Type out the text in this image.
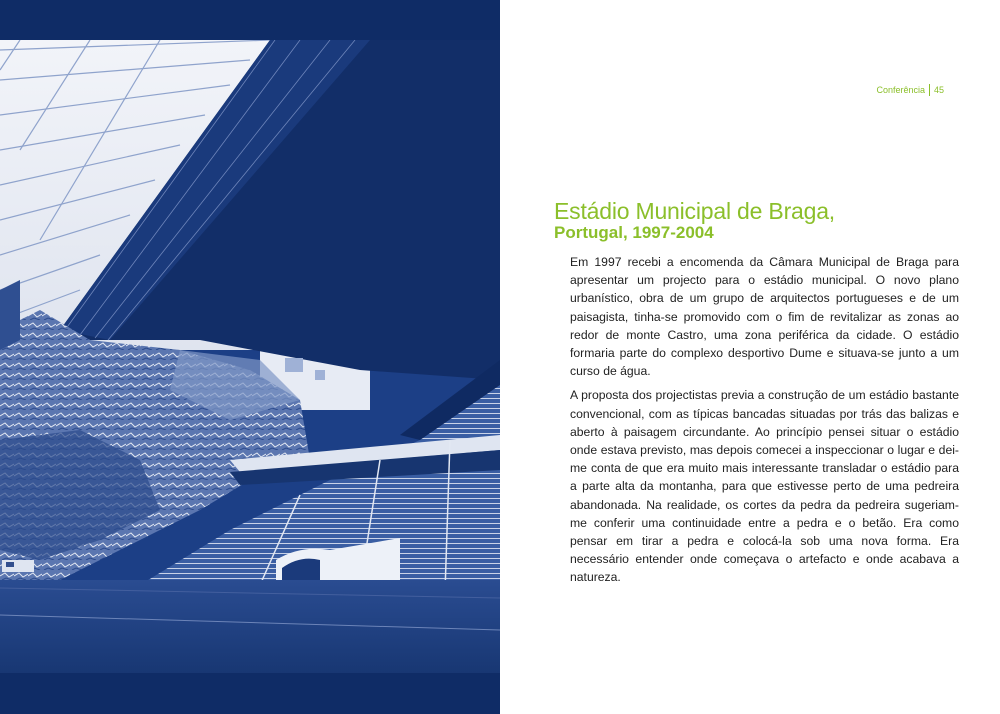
Conferência 45
Estádio Municipal de Braga,
Portugal, 1997-2004

Em 1997 recebi a encomenda da Câmara Municipal de Braga para apresentar um projecto para o estádio municipal. O novo plano urbanístico, obra de um grupo de arquitectos portugueses e de um paisagista, tinha-se promovido com o fim de revitalizar as zonas ao redor de monte Castro, uma zona periférica da cidade. O estádio formaria parte do complexo desportivo Dume e situava-se junto a um curso de água.

A proposta dos projectistas previa a construção de um estádio bastante convencional, com as típicas bancadas situadas por trás das balizas e aberto à paisagem circundante. Ao princípio pensei situar o estádio onde estava previsto, mas depois comecei a inspeccionar o lugar e dei-me conta de que era muito mais interessante transladar o estádio para a parte alta da montanha, para que estivesse perto de uma pedreira abandonada. Na realidade, os cortes da pedra da pedreira sugeriam-me conferir uma continuidade entre a pedra e o betão. Era como pensar em tirar a pedra e colocá-la sob uma nova forma. Era necessário entender onde começava o artefacto e onde acabava a natureza.
